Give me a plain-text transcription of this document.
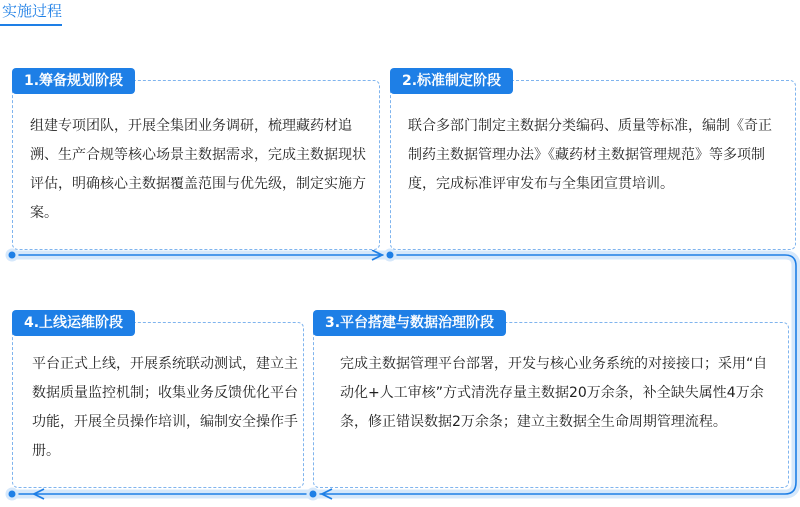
实施过程
1.筹备规划阶段
组建专项团队，开展全集团业务调研，梳理藏药材追溯、生产合规等核心场景主数据需求，完成主数据现状评估，明确核心主数据覆盖范围与优先级，制定实施方案。
2.标准制定阶段
联合多部门制定主数据分类编码、质量等标准，编制《奇正制药主数据管理办法》《藏药材主数据管理规范》等多项制度，完成标准评审发布与全集团宣贯培训。
4.上线运维阶段
平台正式上线，开展系统联动测试，建立主数据质量监控机制；收集业务反馈优化平台功能，开展全员操作培训，编制安全操作手册。
3.平台搭建与数据治理阶段
完成主数据管理平台部署，开发与核心业务系统的对接接口；采用“自动化+人工审核”方式清洗存量主数据20万余条，补全缺失属性4万余条，修正错误数据2万余条；建立主数据全生命周期管理流程。
